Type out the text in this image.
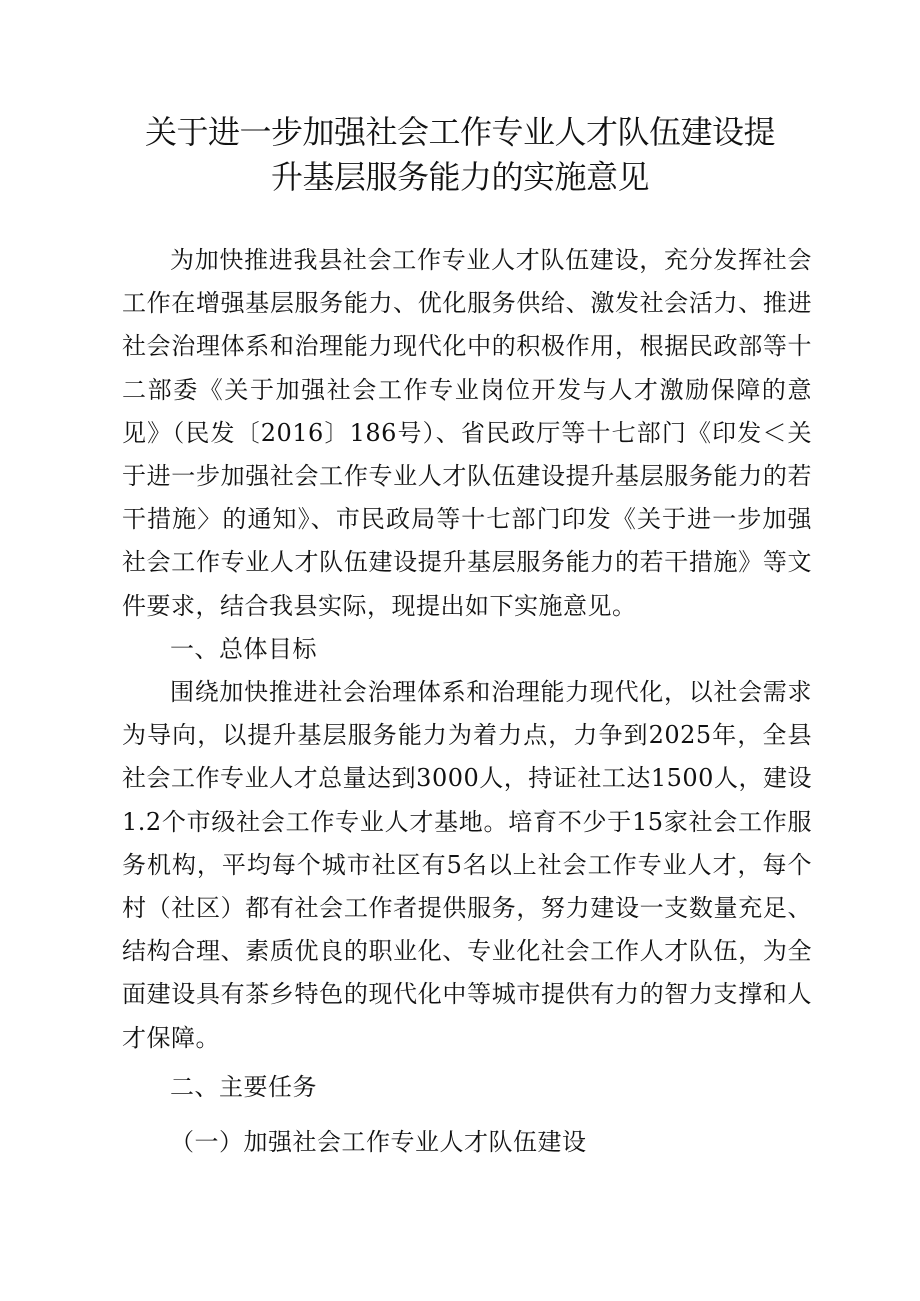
关于进一步加强社会工作专业人才队伍建设提
升基层服务能力的实施意见
为加快推进我县社会工作专业人才队伍建设，充分发挥社会工作在增强基层服务能力、优化服务供给、激发社会活力、推进社会治理体系和治理能力现代化中的积极作用，根据民政部等十二部委《关于加强社会工作专业岗位开发与人才激励保障的意见》（民发〔2016〕186号）、省民政厅等十七部门《印发＜关于进一步加强社会工作专业人才队伍建设提升基层服务能力的若干措施〉的通知》、市民政局等十七部门印发《关于进一步加强社会工作专业人才队伍建设提升基层服务能力的若干措施》等文件要求，结合我县实际，现提出如下实施意见。
一、总体目标
围绕加快推进社会治理体系和治理能力现代化，以社会需求为导向，以提升基层服务能力为着力点，力争到2025年，全县社会工作专业人才总量达到3000人，持证社工达1500人，建设1.2个市级社会工作专业人才基地。培育不少于15家社会工作服务机构，平均每个城市社区有5名以上社会工作专业人才，每个村（社区）都有社会工作者提供服务，努力建设一支数量充足、结构合理、素质优良的职业化、专业化社会工作人才队伍，为全面建设具有茶乡特色的现代化中等城市提供有力的智力支撑和人才保障。
二、主要任务
（一）加强社会工作专业人才队伍建设
